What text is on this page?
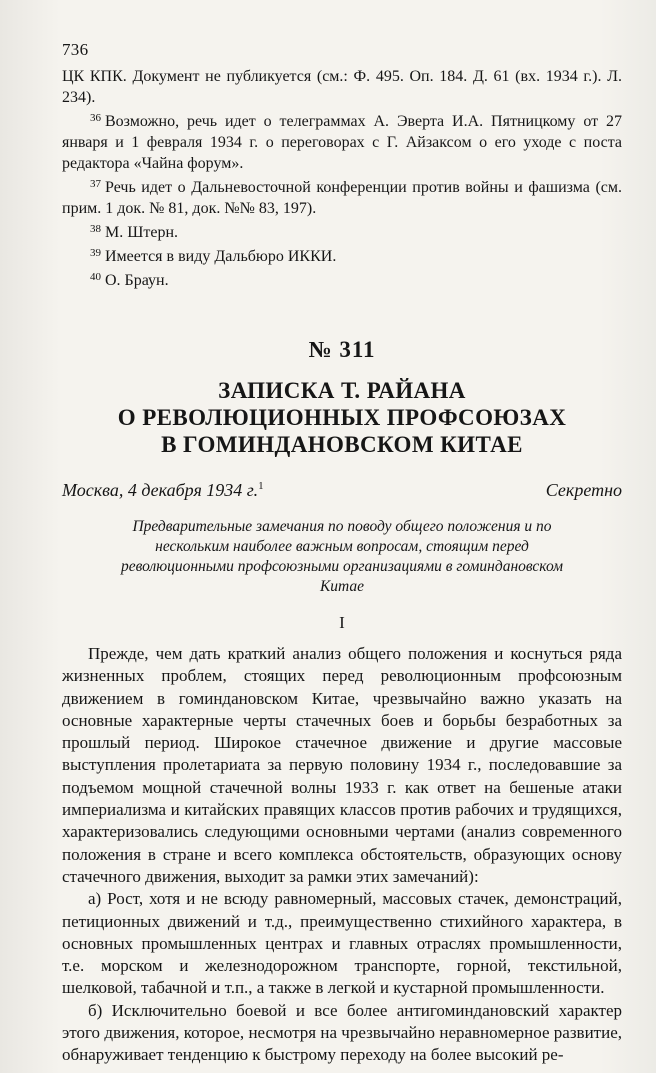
736

ЦК КПК. Документ не публикуется (см.: Ф. 495. Оп. 184. Д. 61 (вх. 1934 г.). Л. 234).

$^{36}$ Возможно, речь идет о телеграммах А. Эверта И.А. Пятницкому от 27 января и 1 февраля 1934 г. о переговорах с Г. Айзаксом о его уходе с поста редактора «Чайна форум».

$^{37}$ Речь идет о Дальневосточной конференции против войны и фашизма (см. прим. 1 док. № 81, док. №№ 83, 197).

$^{38}$ М. Штерн.

$^{39}$ Имеется в виду Дальбюро ИККИ.

$^{40}$ О. Браун.

№ 311

ЗАПИСКА Т. РАЙАНА

О РЕВОЛЮЦИОННЫХ ПРОФСОЮЗАХ

В ГОМИНДАНОВСКОМ КИТАЕ

Москва, 4 декабря 1934 г.$^1$	Секретно

Предварительные замечания по поводу общего положения и по нескольким наиболее важным вопросам, стоящим перед революционными профсоюзными организациями в гоминдановском Китае

I

Прежде, чем дать краткий анализ общего положения и коснуться ряда жизненных проблем, стоящих перед революционным профсоюзным движением в гоминдановском Китае, чрезвычайно важно указать на основные характерные черты стачечных боев и борьбы безработных за прошлый период. Широкое стачечное движение и другие массовые выступления пролетариата за первую половину 1934 г., последовавшие за подъемом мощной стачечной волны 1933 г. как ответ на бешеные атаки империализма и китайских правящих классов против рабочих и трудящихся, характеризовались следующими основными чертами (анализ современного положения в стране и всего комплекса обстоятельств, образующих основу стачечного движения, выходит за рамки этих замечаний):

а) Рост, хотя и не всюду равномерный, массовых стачек, демонстраций, петиционных движений и т.д., преимущественно стихийного характера, в основных промышленных центрах и главных отраслях промышленности, т.е. морском и железнодорожном транспорте, горной, текстильной, шелковой, табачной и т.п., а также в легкой и кустарной промышленности.

б) Исключительно боевой и все более антигоминдановский характер этого движения, которое, несмотря на чрезвычайно неравномерное развитие, обнаруживает тенденцию к быстрому переходу на более высокий ре-
